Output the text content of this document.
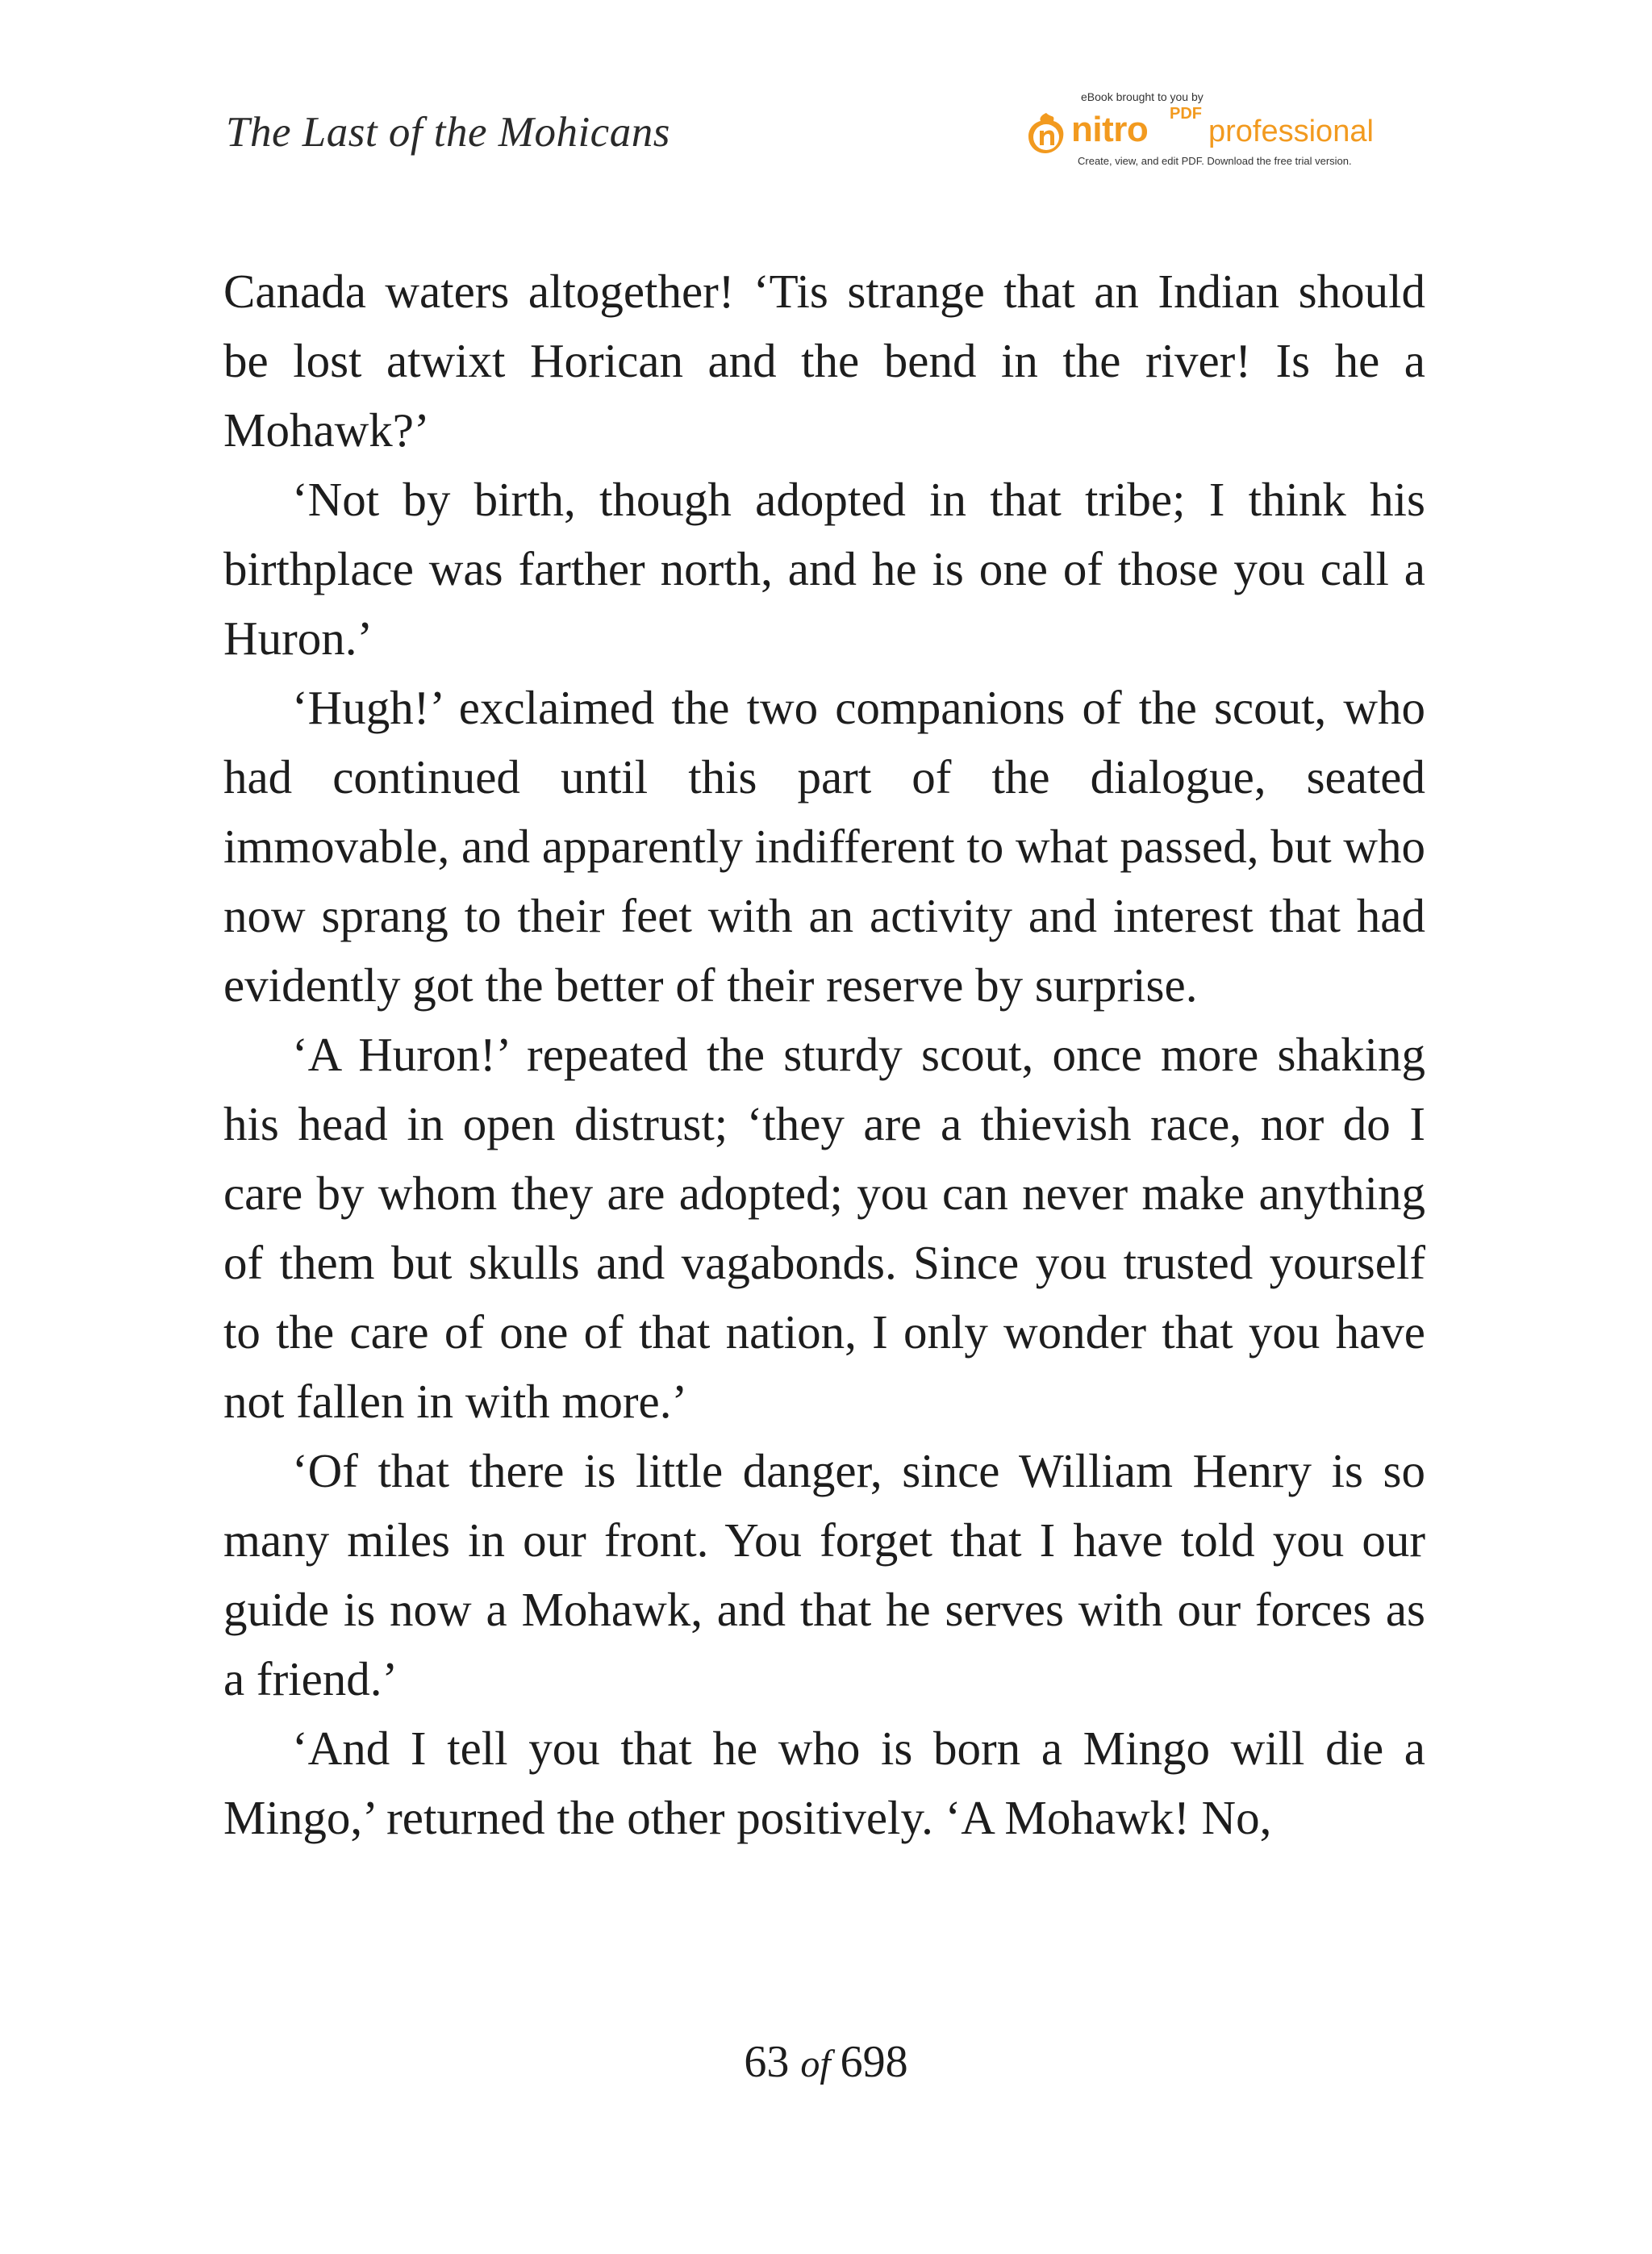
The Last of the Mohicans
eBook brought to you by
nitro PDF
professional
Create, view, and edit PDF. Download the free trial version.

Canada waters altogether! ‘Tis strange that an Indian should be lost atwixt Horican and the bend in the river! Is he a Mohawk?’

‘Not by birth, though adopted in that tribe; I think his birthplace was farther north, and he is one of those you call a Huron.’

‘Hugh!’ exclaimed the two companions of the scout, who had continued until this part of the dialogue, seated immovable, and apparently indifferent to what passed, but who now sprang to their feet with an activity and interest that had evidently got the better of their reserve by surprise.

‘A Huron!’ repeated the sturdy scout, once more shaking his head in open distrust; ‘they are a thievish race, nor do I care by whom they are adopted; you can never make anything of them but skulls and vagabonds. Since you trusted yourself to the care of one of that nation, I only wonder that you have not fallen in with more.’

‘Of that there is little danger, since William Henry is so many miles in our front. You forget that I have told you our guide is now a Mohawk, and that he serves with our forces as a friend.’

‘And I tell you that he who is born a Mingo will die a Mingo,’ returned the other positively. ‘A Mohawk! No,

63 of 698
